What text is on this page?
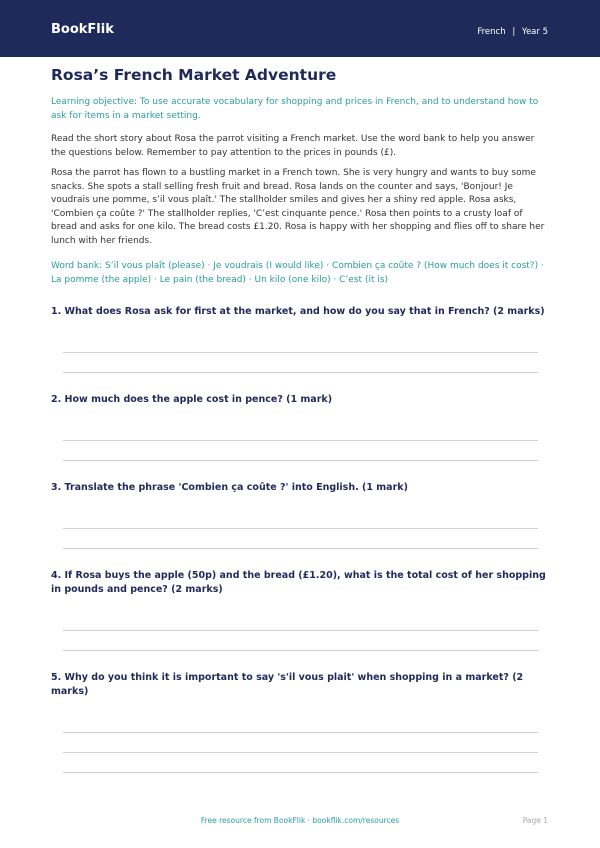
BookFlik	French | Year 5
Rosa’s French Market Adventure

Learning objective: To use accurate vocabulary for shopping and prices in French, and to understand how to ask for items in a market setting.

Read the short story about Rosa the parrot visiting a French market. Use the word bank to help you answer the questions below. Remember to pay attention to the prices in pounds (£).

Rosa the parrot has flown to a bustling market in a French town. She is very hungry and wants to buy some snacks. She spots a stall selling fresh fruit and bread. Rosa lands on the counter and says, 'Bonjour! Je voudrais une pomme, s’il vous plaît.' The stallholder smiles and gives her a shiny red apple. Rosa asks, 'Combien ça coûte ?' The stallholder replies, 'C’est cinquante pence.' Rosa then points to a crusty loaf of bread and asks for one kilo. The bread costs £1.20. Rosa is happy with her shopping and flies off to share her lunch with her friends.

Word bank: S’il vous plaît (please) · Je voudrais (I would like) · Combien ça coûte ? (How much does it cost?) · La pomme (the apple) · Le pain (the bread) · Un kilo (one kilo) · C’est (it is)

1. What does Rosa ask for first at the market, and how do you say that in French? (2 marks)

2. How much does the apple cost in pence? (1 mark)

3. Translate the phrase 'Combien ça coûte ?' into English. (1 mark)

4. If Rosa buys the apple (50p) and the bread (£1.20), what is the total cost of her shopping in pounds and pence? (2 marks)

5. Why do you think it is important to say 's'il vous plait' when shopping in a market? (2 marks)

Free resource from BookFlik · bookflik.com/resources	Page 1
